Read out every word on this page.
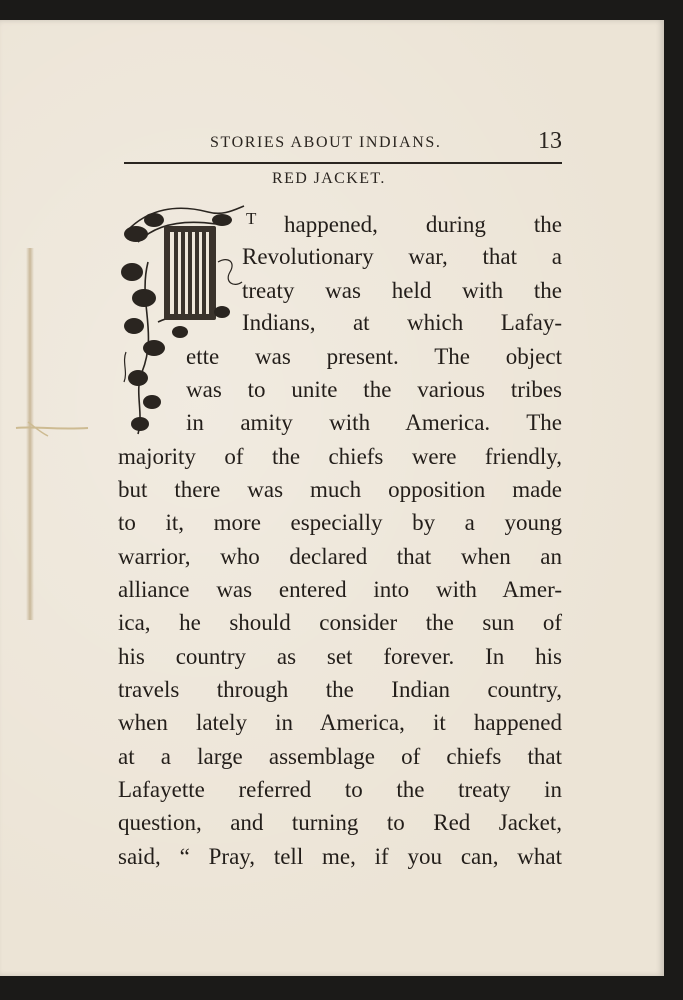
STORIES ABOUT INDIANS.	13
RED JACKET.
T happened, during the
Revolutionary war, that a
treaty was held with the
Indians, at which Lafay-
ette was present. The object
was to unite the various tribes
in amity with America. The
majority of the chiefs were friendly,
but there was much opposition made
to it, more especially by a young
warrior, who declared that when an
alliance was entered into with Amer-
ica, he should consider the sun of
his country as set forever. In his
travels through the Indian country,
when lately in America, it happened
at a large assemblage of chiefs that
Lafayette referred to the treaty in
question, and turning to Red Jacket,
said, “ Pray, tell me, if you can, what
